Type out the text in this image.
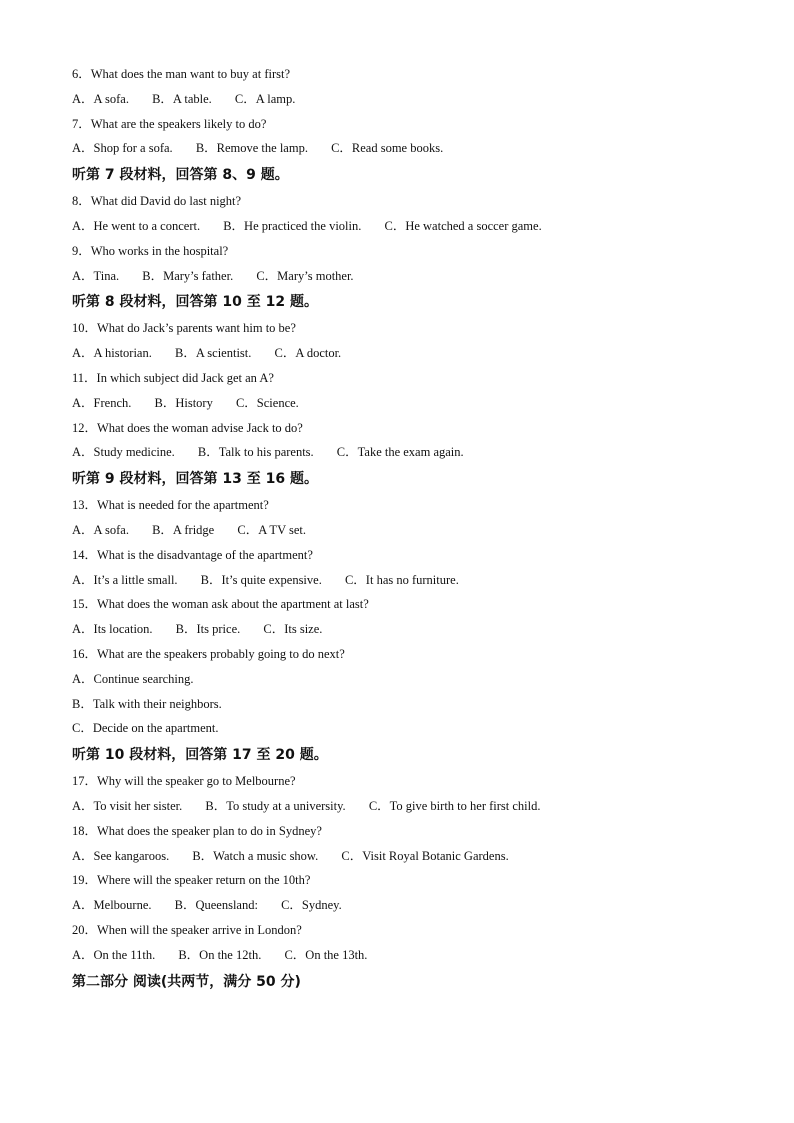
6．What does the man want to buy at first?
A．A sofa. B．A table. C．A lamp.
7．What are the speakers likely to do?
A．Shop for a sofa. B．Remove the lamp. C．Read some books.
听第 7 段材料，回答第 8、9 题。
8．What did David do last night?
A．He went to a concert. B．He practiced the violin. C．He watched a soccer game.
9．Who works in the hospital?
A．Tina. B．Mary’s father. C．Mary’s mother.
听第 8 段材料，回答第 10 至 12 题。
10．What do Jack’s parents want him to be?
A．A historian. B．A scientist. C．A doctor.
11．In which subject did Jack get an A?
A．French. B．History C．Science.
12．What does the woman advise Jack to do?
A．Study medicine. B．Talk to his parents. C．Take the exam again.
听第 9 段材料，回答第 13 至 16 题。
13．What is needed for the apartment?
A．A sofa. B．A fridge C．A TV set.
14．What is the disadvantage of the apartment?
A．It’s a little small. B．It’s quite expensive. C．It has no furniture.
15．What does the woman ask about the apartment at last?
A．Its location. B．Its price. C．Its size.
16．What are the speakers probably going to do next?
A．Continue searching.
B．Talk with their neighbors.
C．Decide on the apartment.
听第 10 段材料，回答第 17 至 20 题。
17．Why will the speaker go to Melbourne?
A．To visit her sister. B．To study at a university. C．To give birth to her first child.
18．What does the speaker plan to do in Sydney?
A．See kangaroos. B．Watch a music show. C．Visit Royal Botanic Gardens.
19．Where will the speaker return on the 10th?
A．Melbourne. B．Queensland: C．Sydney.
20．When will the speaker arrive in London?
A．On the 11th. B．On the 12th. C．On the 13th.
第二部分 阅读(共两节，满分 50 分)
